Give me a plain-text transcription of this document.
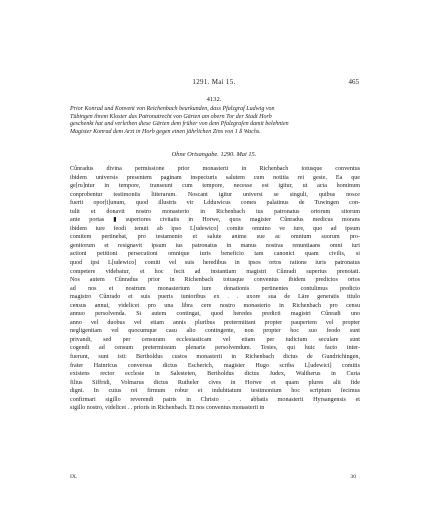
1291. Mai 15.	465
4132.
Prior Konrad und Konvent von Reichenbach beurkunden, dass Pfalzgraf Ludwig von
Tübingen ihrem Kloster das Patronatrecht von Gärten am obern Tor der Stadt Horb
geschenkt hat und verleihen diese Gärten dem früher von dem Pfalzgrafen damit belehnten
Magister Konrad dem Arzt in Horb gegen einen jährlichen Zins von 1 ß Wachs.
Ohne Ortsangabe. 1290. Mai 15.
Cûnradus divina permissione prior monasterii in Richenbach totusque conventus
ibidem universis presentem paginam inspecturis salutem cum notitia rei geste. Ea que
ge[ru]ntur in tempore, transeunt cum tempore, necesse est igitur, ut acta hominum
conprobentur testimoniis litterarum. Noscant igitur universi se singuli, quibus nosce
fuerit opor[t]unum, quod illustris vir Ldduwicus comes palatinus de Tuwingen con-
tulit et donavit nostro monasterio in Richenbach ius patronatus ortorum sitorum
ante portas ▮ superiores civitatis in Horwe, quos magister Cûnradus medicus morans
ibidem iure feodi tenuit ab ipso L[udewico] comite omnino ve iure, quo ad ipsum
comitem pertinebat, pro testamento et salute anime sue ac omnium suorum pro-
genitorum et resignavit ipsum ius patronatus in manus nostras renuntiaans omni iuri
actioni petitioni persecutioni omnique iuris beneficio tam canonici quam civilis, si
quod ipsi L[udewico] comiti vel suis heredibus in ipsos ortos ratione iuris patronatus
competere videbatur, et hoc fecit ad instantiam magistri Cûnradi superius prenotati.
Nos autem Cûnradus prior in Richenbach totusque conventus ibidem predictos ortos
ad nos et nostrum monasterium iure donationis pertinentes contulimus predicto
magistro Cûnrado et suis pueris iunioribus ex . . uxore sua de Läre generatis titulo
census annui, videlicet pro una libra cere nostro monasterio in Richenbach pro censu
annuo persolvenda. Si autem contingat, quod heredes predicti magistri Cûnradi uno
anno vel duobus vel etiam annis pluribus pretermittant propter pauperiem vel propter
negligentiam vel quocumque casu alio contingente, non propter hoc suo feodo sunt
privandi, sed per censuram ecclesiasticam vel etiam per iudicium seculare sunt
cogendi ad censum pretermissum plenarie persolvendum. Testes, qui huic facto inter-
fuerunt, sunt isti: Bertholdus custos monasterii in Richenbach dictus de Gundrichingen,
frater Hainricus conversus dictus Escherich, magister Hugo scriba L[udewici] comitis
existens rector ecclesie in Salesteten, Bertholdus dictus Judex, Waltherus in Curia
filius Siffridi, Volmarus dictus Rutheler cives in Horwe et quam plures alii fide
digni. In cuius rei firmum robur et indubitatum testimonium hoc scriptum fecimus
confirmari sigillo reverendi patris in Christo . . abbatis monasterii Hyrsangensis et
sigillo nostro, videlicet . . prioris in Richenbach. Et nos conventus monasterii in
IX.	30
